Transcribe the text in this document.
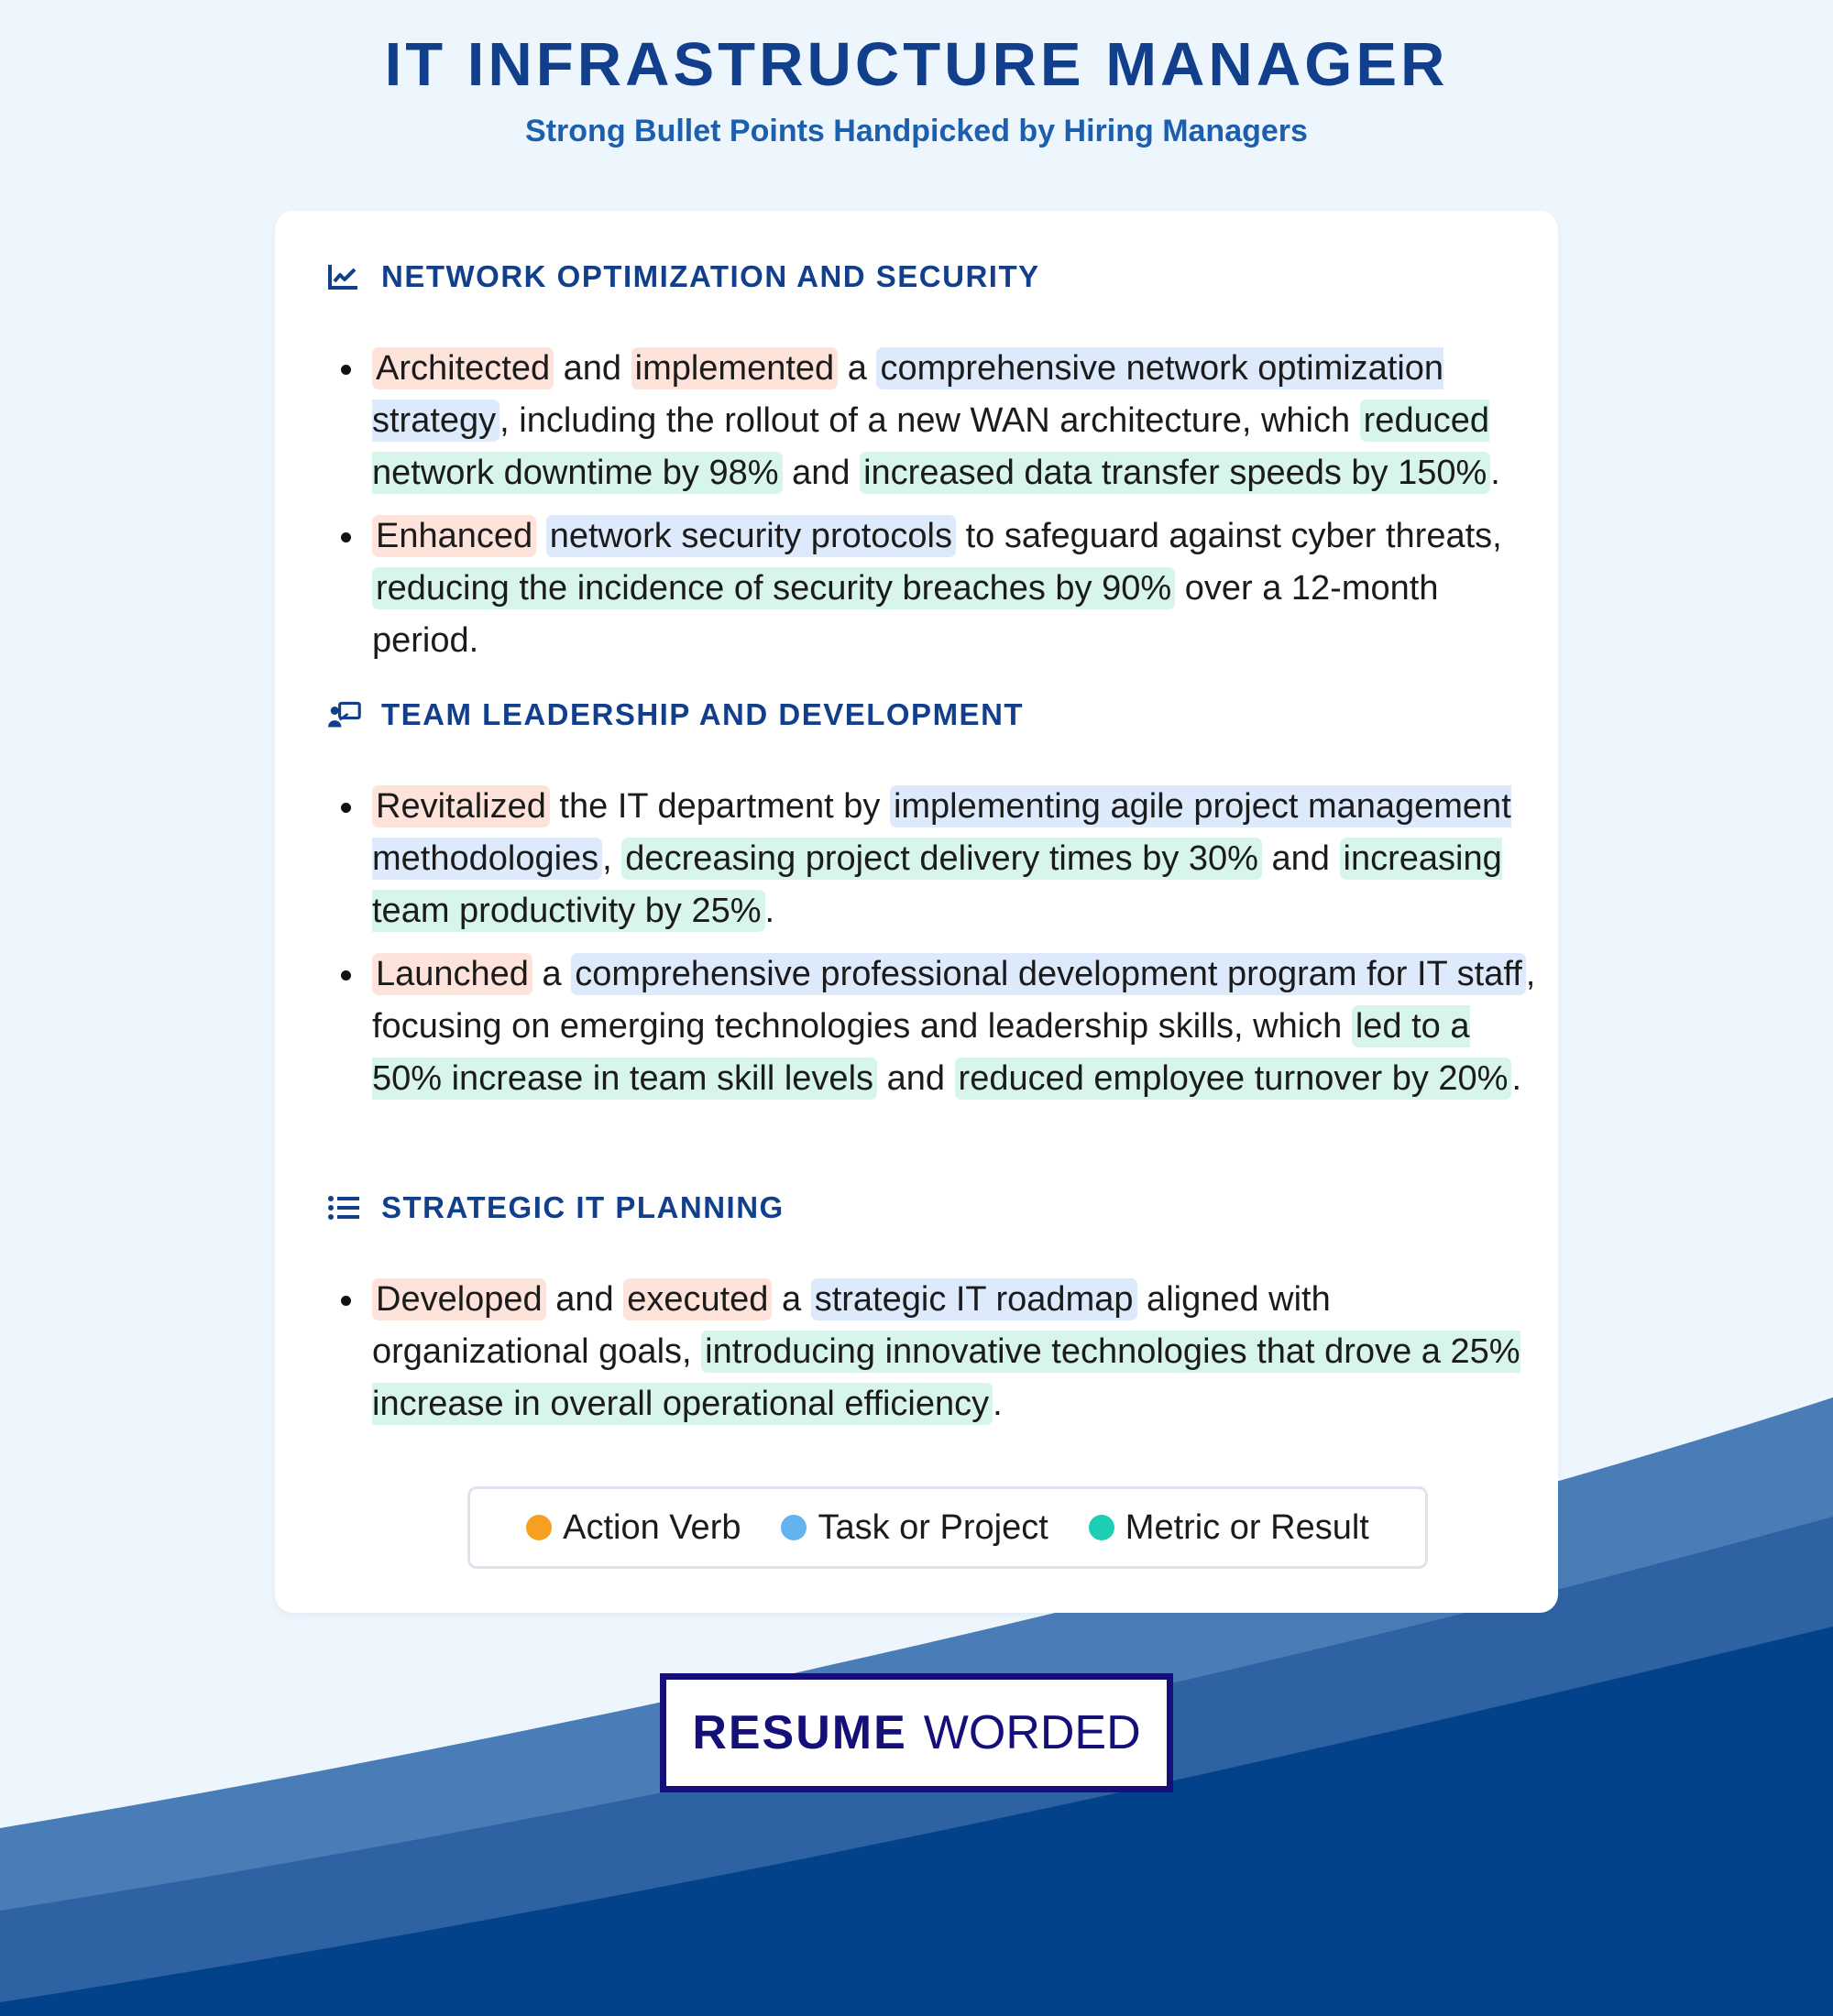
IT INFRASTRUCTURE MANAGER
Strong Bullet Points Handpicked by Hiring Managers
NETWORK OPTIMIZATION AND SECURITY
Architected and implemented a comprehensive network optimization strategy , including the rollout of a new WAN architecture, which reduced network downtime by 98% and increased data transfer speeds by 150% .
Enhanced network security protocols to safeguard against cyber threats, reducing the incidence of security breaches by 90% over a 12-month period.
TEAM LEADERSHIP AND DEVELOPMENT
Revitalized the IT department by implementing agile project management methodologies , decreasing project delivery times by 30% and increasing team productivity by 25% .
Launched a comprehensive professional development program for IT staff , focusing on emerging technologies and leadership skills, which led to a 50% increase in team skill levels and reduced employee turnover by 20% .
STRATEGIC IT PLANNING
Developed and executed a strategic IT roadmap aligned with organizational goals, introducing innovative technologies that drove a 25% increase in overall operational efficiency .
Action Verb Task or Project Metric or Result
RESUME WORDED
